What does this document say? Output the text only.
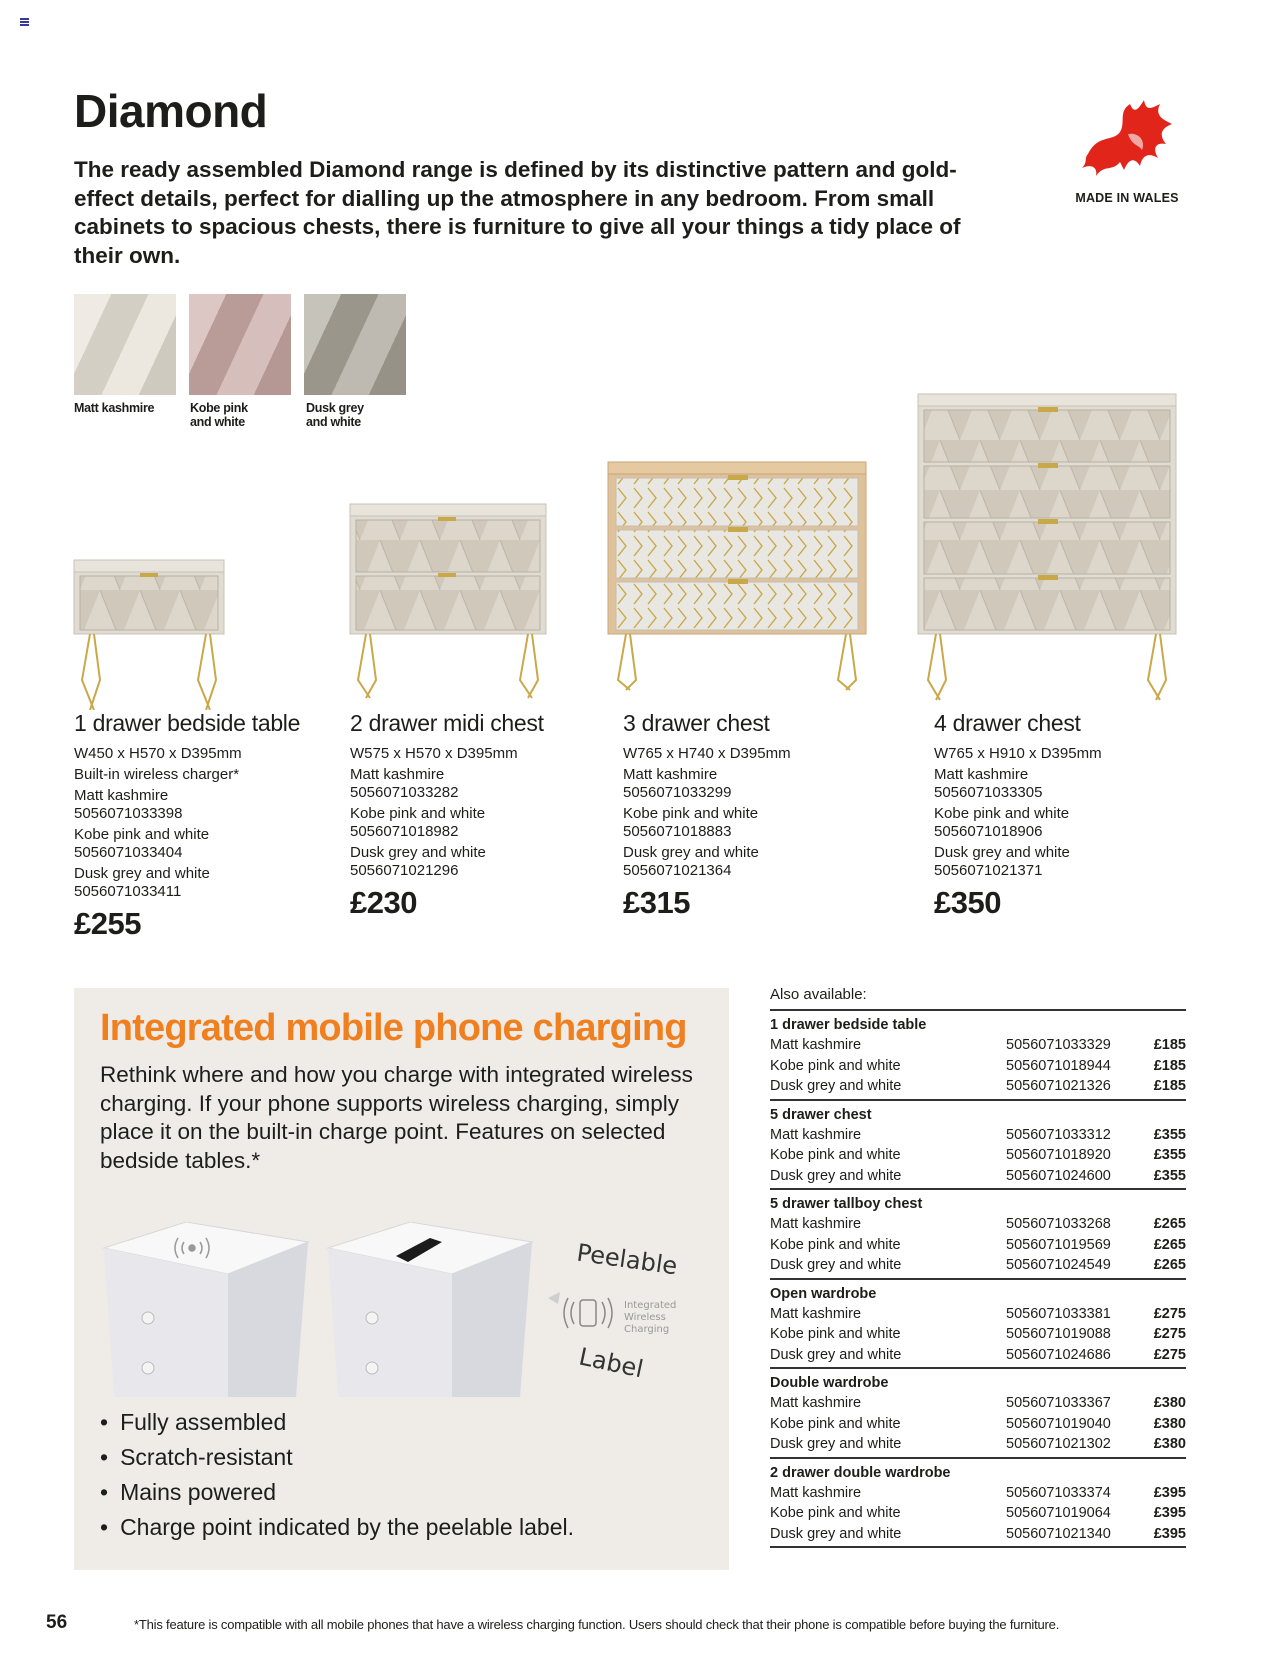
Diamond

The ready assembled Diamond range is defined by its distinctive pattern and gold-effect details, perfect for dialling up the atmosphere in any bedroom. From small cabinets to spacious chests, there is furniture to give all your things a tidy place of their own.

MADE IN WALES
Matt kashmire	Kobe pink and white
Dusk grey and white
1 drawer bedside table
W450 x H570 x D395mm
Built-in wireless charger*
Matt kashmire
5056071033398
Kobe pink and white
5056071033404
Dusk grey and white
5056071033411
£255
2 drawer midi chest
W575 x H570 x D395mm
Matt kashmire
5056071033282
Kobe pink and white
5056071018982
Dusk grey and white
5056071021296
£230
3 drawer chest
W765 x H740 x D395mm
Matt kashmire
5056071033299
Kobe pink and white
5056071018883
Dusk grey and white
5056071021364
£315
4 drawer chest
W765 x H910 x D395mm
Matt kashmire
5056071033305
Kobe pink and white
5056071018906
Dusk grey and white
5056071021371
£350
Integrated mobile phone charging
Rethink where and how you charge with integrated wireless charging. If your phone supports wireless charging, simply place it on the built-in charge point. Features on selected bedside tables.*
Peelable
Label
Integrated
Wireless
Charging
• Fully assembled
• Scratch-resistant
• Mains powered
• Charge point indicated by the peelable label.
Also available:
1 drawer bedside table
Matt kashmire	5056071033329	£185
Kobe pink and white	5056071018944	£185
Dusk grey and white	5056071021326	£185
5 drawer chest
Matt kashmire	5056071033312	£355
Kobe pink and white	5056071018920	£355
Dusk grey and white	5056071024600	£355
5 drawer tallboy chest
Matt kashmire	5056071033268	£265
Kobe pink and white	5056071019569	£265
Dusk grey and white	5056071024549	£265
Open wardrobe
Matt kashmire	5056071033381	£275
Kobe pink and white	5056071019088	£275
Dusk grey and white	5056071024686	£275
Double wardrobe
Matt kashmire	5056071033367	£380
Kobe pink and white	5056071019040	£380
Dusk grey and white	5056071021302	£380
2 drawer double wardrobe
Matt kashmire	5056071033374	£395
Kobe pink and white	5056071019064	£395
Dusk grey and white	5056071021340	£395
56	*This feature is compatible with all mobile phones that have a wireless charging function. Users should check that their phone is compatible before buying the furniture.
